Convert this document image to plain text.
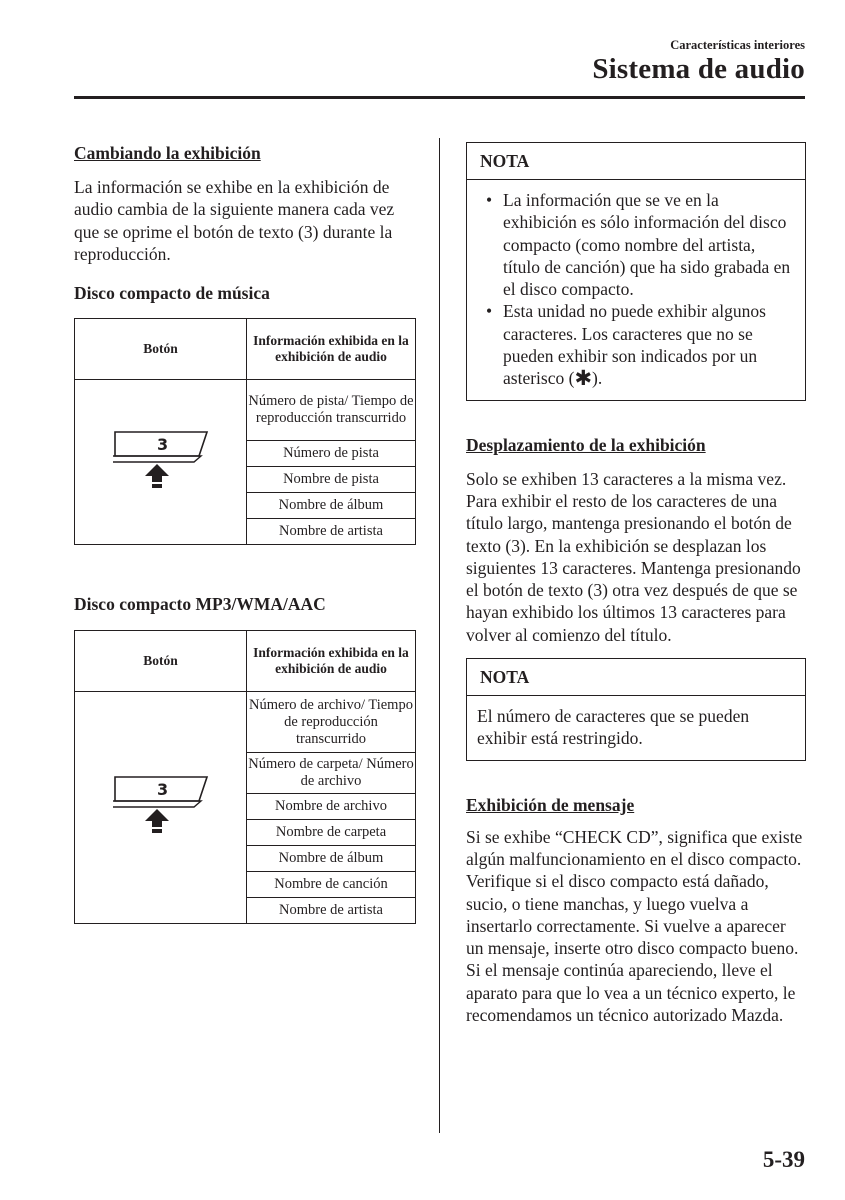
Características interiores
Sistema de audio
Cambiando la exhibición
La información se exhibe en la exhibición de audio cambia de la siguiente manera cada vez que se oprime el botón de texto (3) durante la reproducción.
Disco compacto de música
Botón	Información exhibida en la exhibición de audio

3	Número de pista/ Tiempo de reproducción transcurrido
	Número de pista
	Nombre de pista
	Nombre de álbum
	Nombre de artista
Disco compacto MP3/WMA/AAC
Botón	Información exhibida en la exhibición de audio

3	Número de archivo/ Tiempo de reproducción transcurrido
	Número de carpeta/ Número de archivo
	Nombre de archivo
	Nombre de carpeta
	Nombre de álbum
	Nombre de canción
	Nombre de artista
NOTA
• La información que se ve en la exhibición es sólo información del disco compacto (como nombre del artista, título de canción) que ha sido grabada en el disco compacto.
• Esta unidad no puede exhibir algunos caracteres. Los caracteres que no se pueden exhibir son indicados por un asterisco (✱).
Desplazamiento de la exhibición
Solo se exhiben 13 caracteres a la misma vez. Para exhibir el resto de los caracteres de una título largo, mantenga presionando el botón de texto (3). En la exhibición se desplazan los siguientes 13 caracteres. Mantenga presionando el botón de texto (3) otra vez después de que se hayan exhibido los últimos 13 caracteres para volver al comienzo del título.
NOTA
El número de caracteres que se pueden exhibir está restringido.
Exhibición de mensaje
Si se exhibe “CHECK CD”, significa que existe algún malfuncionamiento en el disco compacto. Verifique si el disco compacto está dañado, sucio, o tiene manchas, y luego vuelva a insertarlo correctamente. Si vuelve a aparecer un mensaje, inserte otro disco compacto bueno. Si el mensaje continúa apareciendo, lleve el aparato para que lo vea a un técnico experto, le recomendamos un técnico autorizado Mazda.
5-39
